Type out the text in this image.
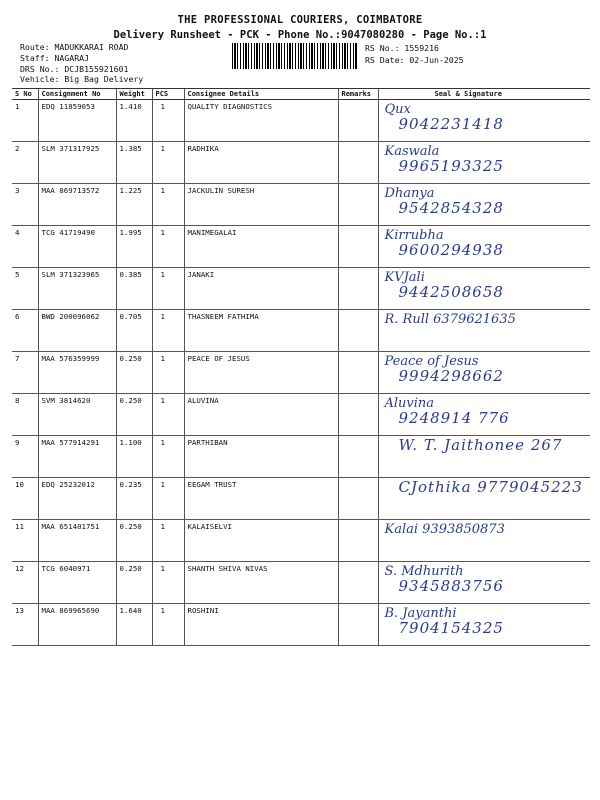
THE PROFESSIONAL COURIERS, COIMBATORE
Delivery Runsheet - PCK - Phone No.:9047080280 - Page No.:1
Route: MADUKKARAI ROAD
Staff: NAGARAJ
DRS No.: DCJB155921601
Vehicle: Big Bag Delivery
RS No.: 1559216
RS Date: 02-Jun-2025
S No	Consignment No	Weight	PCS	Consignee Details	Remarks	Seal & Signature
1	EDQ 11859053	1.410	1	QUALITY DIAGNOSTICS		Qux
9042231418

2	SLM 371317925	1.385	1	RADHIKA		Kaswala
9965193325

3	MAA 869713572	1.225	1	JACKULIN SURESH		Dhanya
9542854328

4	TCG 41719490	1.995	1	MANIMEGALAI		Kirrubha
9600294938

5	SLM 371323965	0.385	1	JANAKI		KVJali
9442508658

6	BWD 200096062	0.705	1	THASNEEM FATHIMA		R. Rull 6379621635

7	MAA 576359999	0.250	1	PEACE OF JESUS		Peace of Jesus
9994298662

8	SVM 3814620	0.250	1	ALUVINA		Aluvina
9248914 776

9	MAA 577914291	1.100	1	PARTHIBAN		W. T. Jaithonee 267

10	EDQ 25232012	0.235	1	EEGAM TRUST		CJothika 9779045223

11	MAA 651401751	0.250	1	KALAISELVI		Kalai 9393850873

12	TCG 6040971	0.250	1	SHANTH SHIVA NIVAS		S. Mdhurith
9345883756

13	MAA 869965690	1.640	1	ROSHINI		B. Jayanthi
7904154325
